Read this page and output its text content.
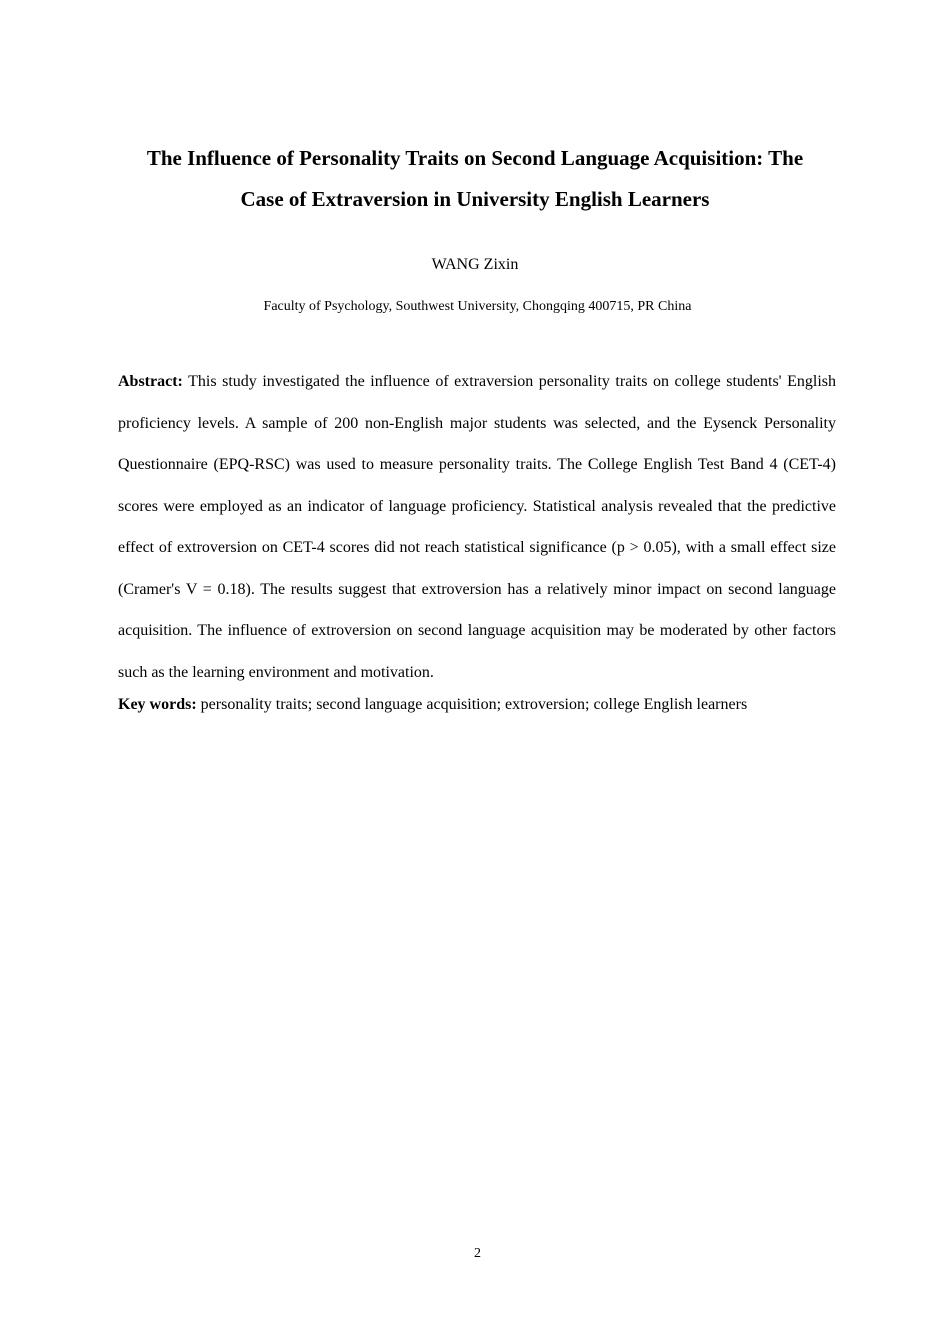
The Influence of Personality Traits on Second Language Acquisition: The
Case of Extraversion in University English Learners
WANG Zixin
Faculty of Psychology, Southwest University, Chongqing 400715, PR China

Abstract: This study investigated the influence of extraversion personality traits on college students' English proficiency levels. A sample of 200 non-English major students was selected, and the Eysenck Personality Questionnaire (EPQ-RSC) was used to measure personality traits. The College English Test Band 4 (CET-4) scores were employed as an indicator of language proficiency. Statistical analysis revealed that the predictive effect of extroversion on CET-4 scores did not reach statistical significance (p > 0.05), with a small effect size (Cramer's V = 0.18). The results suggest that extroversion has a relatively minor impact on second language acquisition. The influence of extroversion on second language acquisition may be moderated by other factors such as the learning environment and motivation.

Key words: personality traits; second language acquisition; extroversion; college English learners

2
